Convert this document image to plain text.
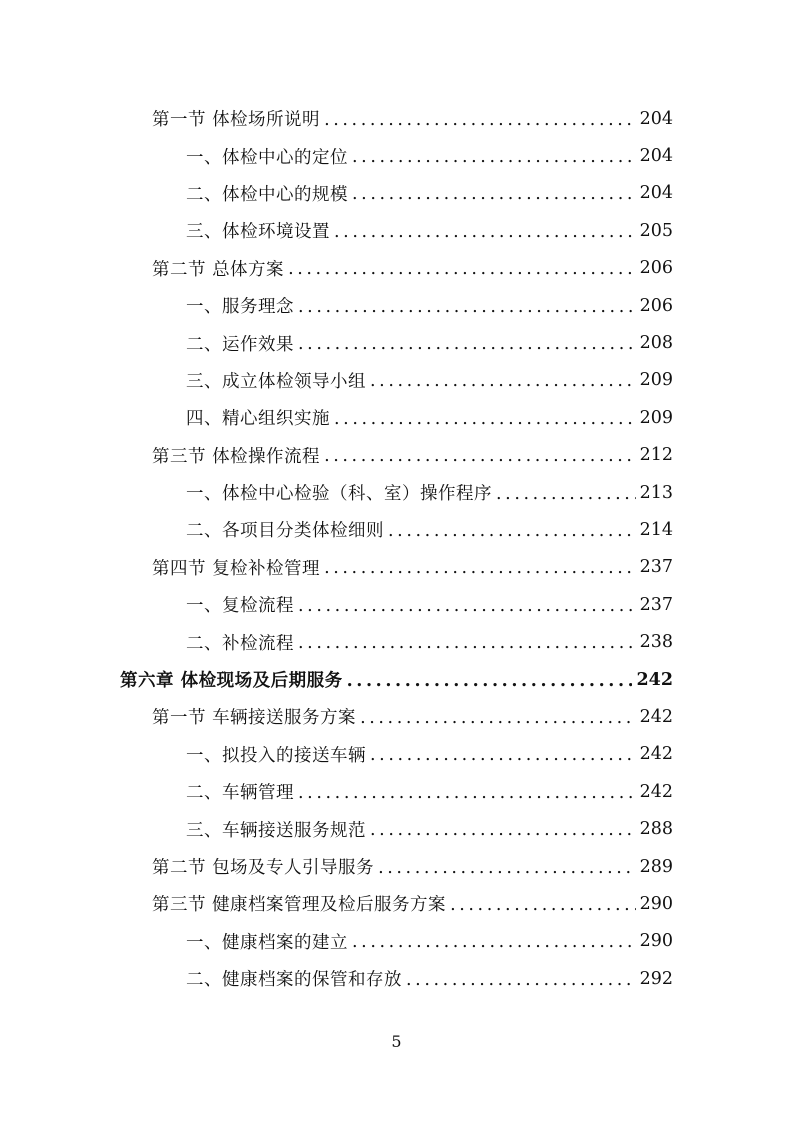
第一节 体检场所说明 .....	204
一、体检中心的定位 .....	204
二、体检中心的规模 .....	204
三、体检环境设置 .....	205
第二节 总体方案 .....	206
一、服务理念 .....	206
二、运作效果 .....	208
三、成立体检领导小组 .....	209
四、精心组织实施 .....	209
第三节 体检操作流程 .....	212
一、体检中心检验（科、室）操作程序 .....	213
二、各项目分类体检细则 .....	214
第四节 复检补检管理 .....	237
一、复检流程 .....	237
二、补检流程 .....	238
第六章 体检现场及后期服务 .....	242
第一节 车辆接送服务方案 .....	242
一、拟投入的接送车辆 .....	242
二、车辆管理 .....	242
三、车辆接送服务规范 .....	288
第二节 包场及专人引导服务 .....	289
第三节 健康档案管理及检后服务方案 .....	290
一、健康档案的建立 .....	290
二、健康档案的保管和存放 .....	292
5
